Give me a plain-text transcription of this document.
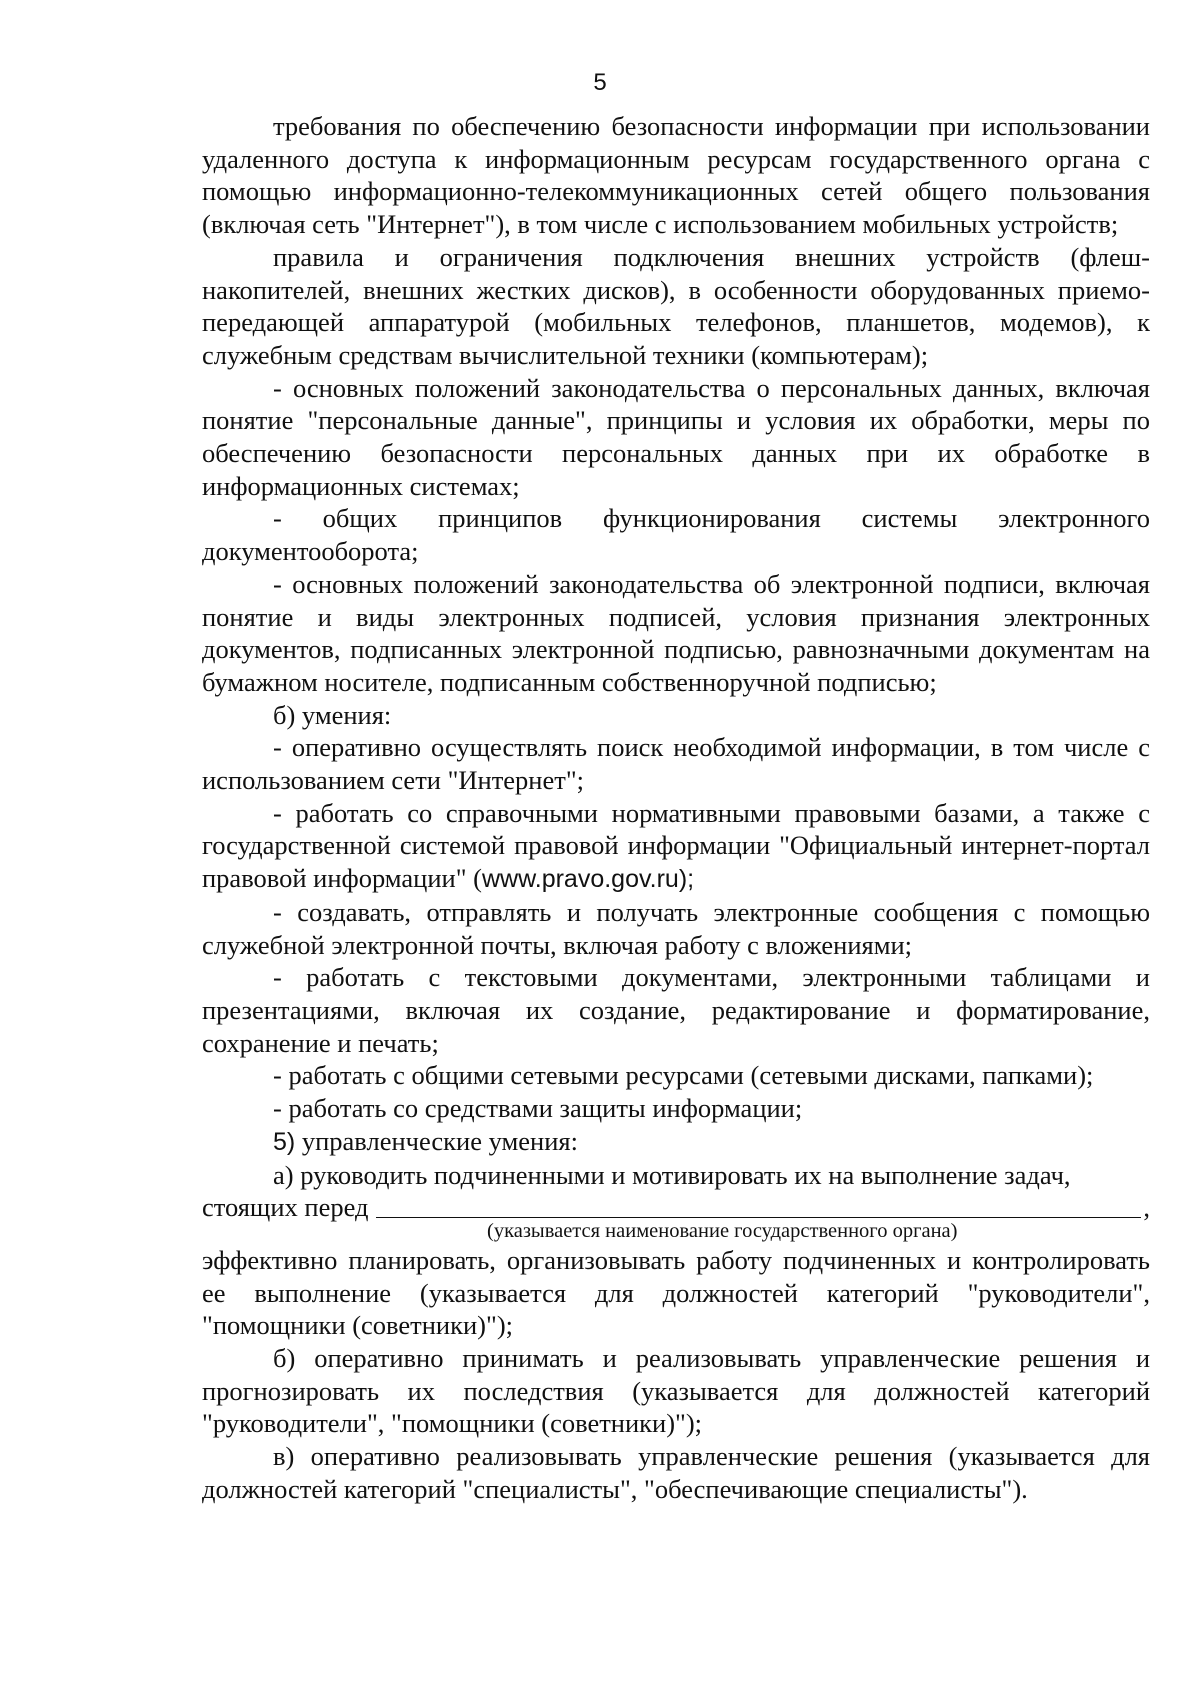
5

требования по обеспечению безопасности информации при использовании удаленного доступа к информационным ресурсам государственного органа с помощью информационно-телекоммуникационных сетей общего пользования (включая сеть "Интернет"), в том числе с использованием мобильных устройств;

правила и ограничения подключения внешних устройств (флеш-накопителей, внешних жестких дисков), в особенности оборудованных приемо-передающей аппаратурой (мобильных телефонов, планшетов, модемов), к служебным средствам вычислительной техники (компьютерам);

- основных положений законодательства о персональных данных, включая понятие "персональные данные", принципы и условия их обработки, меры по обеспечению безопасности персональных данных при их обработке в информационных системах;

- общих принципов функционирования системы электронного документооборота;

- основных положений законодательства об электронной подписи, включая понятие и виды электронных подписей, условия признания электронных документов, подписанных электронной подписью, равнозначными документам на бумажном носителе, подписанным собственноручной подписью;

б) умения:

- оперативно осуществлять поиск необходимой информации, в том числе с использованием сети "Интернет";

- работать со справочными нормативными правовыми базами, а также с государственной системой правовой информации "Официальный интернет-портал правовой информации" (www.pravo.gov.ru);

- создавать, отправлять и получать электронные сообщения с помощью служебной электронной почты, включая работу с вложениями;

- работать с текстовыми документами, электронными таблицами и презентациями, включая их создание, редактирование и форматирование, сохранение и печать;

- работать с общими сетевыми ресурсами (сетевыми дисками, папками);

- работать со средствами защиты информации;

5) управленческие умения:

а) руководить подчиненными и мотивировать их на выполнение задач,

стоящих перед	,

(указывается наименование государственного органа)

эффективно планировать, организовывать работу подчиненных и контролировать ее выполнение (указывается для должностей категорий "руководители", "помощники (советники)");

б) оперативно принимать и реализовывать управленческие решения и прогнозировать их последствия (указывается для должностей категорий "руководители", "помощники (советники)");

в) оперативно реализовывать управленческие решения (указывается для должностей категорий "специалисты", "обеспечивающие специалисты").
